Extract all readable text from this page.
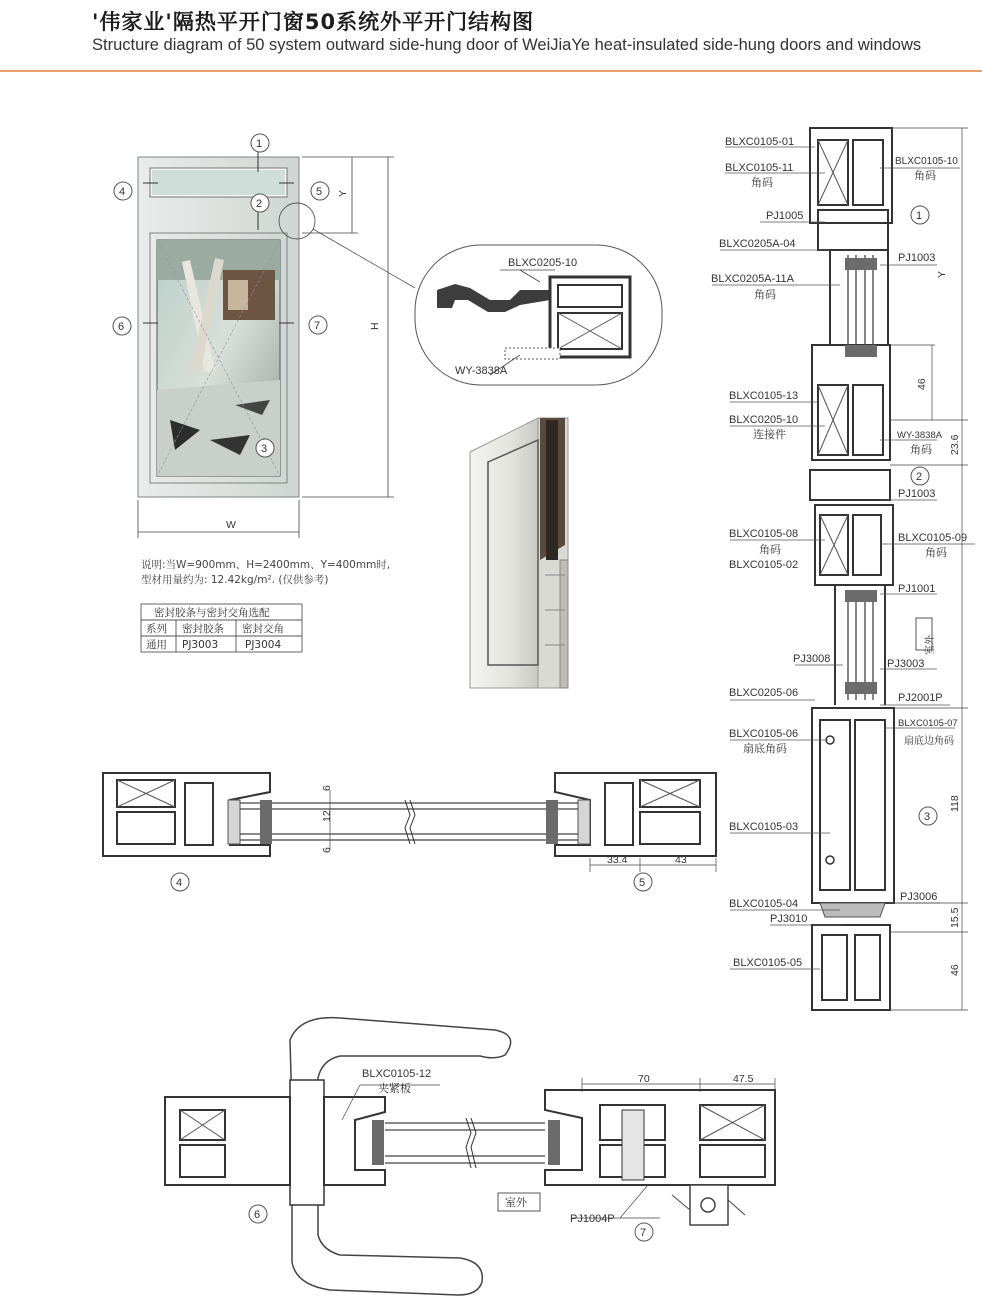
'伟家业'隔热平开门窗50系统外平开门结构图
Structure diagram of 50 system outward side-hung door of WeiJiaYe heat-insulated side-hung doors and windows
W
H
Y
1
2
3
4	5
6	7
BLXC0205-10
WY-3838A
说明:当W=900mm、H=2400mm、Y=400mm时,
型材用量约为: 12.42kg/m². (仅供参考)
密封胶条与密封交角选配
系列 密封胶条 密封交角
通用 PJ3003	PJ3004
6
12
6
33.4	43
4	5
BLXC0105-01
BLXC0105-11
角码
PJ1005
BLXC0205A-04
BLXC0205A-11A
角码
BLXC0105-13
BLXC0205-10
连接件
BLXC0105-08
角码
BLXC0105-02
PJ3008
BLXC0205-06
BLXC0105-06
扇底角码
BLXC0105-03
BLXC0105-04
PJ3010
BLXC0105-05
BLXC0105-10
角码
PJ1003
WY-3838A
角码
PJ1003
BLXC0105-09
角码
PJ1001
PJ3003
PJ2001P
BLXC0105-07
扇底边角码
PJ3006
室外
Y
46
23.6
118
15.5
46
1
2
3
BLXC0105-12
夹紧板
PJ1004P
室外
70	47.5
6
7
